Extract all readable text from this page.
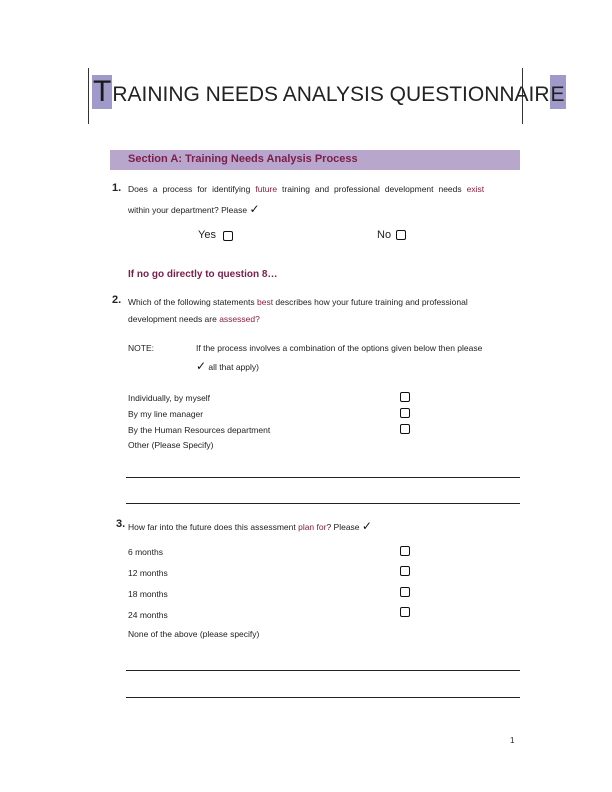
TRAINING NEEDS ANALYSIS QUESTIONNAIRE
Section A: Training Needs Analysis Process
1. Does a process for identifying future training and professional development needs exist
within your department? Please ✓
Yes	No
If no go directly to question 8…
2. Which of the following statements best describes how your future training and professional
development needs are assessed?
NOTE:	If the process involves a combination of the options given below then please
✓ all that apply)
Individually, by myself
By my line manager
By the Human Resources department
Other (Please Specify)
3. How far into the future does this assessment plan for? Please ✓
6 months
12 months
18 months
24 months
None of the above (please specify)
1
